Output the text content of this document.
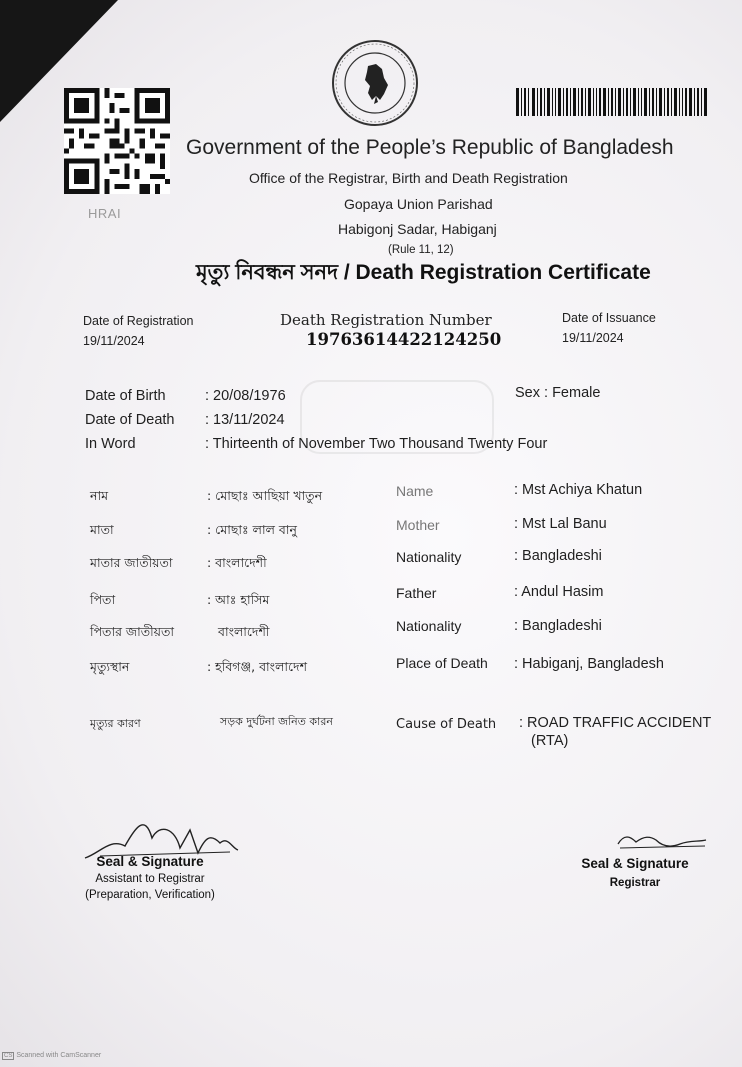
HRAI
Government of the People’s Republic of Bangladesh
Office of the Registrar, Birth and Death Registration
Gopaya Union Parishad
Habigonj Sadar, Habiganj
(Rule 11, 12)
মৃত্যু নিবন্ধন সনদ / Death Registration Certificate
Date of Registration
19/11/2024
Death Registration Number
19763614422124250
Date of Issuance
19/11/2024
Date of Birth	: 20/08/1976
Date of Death : 13/11/2024
In Word	: Thirteenth of November Two Thousand Twenty Four
Sex : Female
নাম	: মোছাঃ আছিয়া খাতুন	Name	: Mst Achiya Khatun
মাতা	: মোছাঃ লাল বানু	Mother	: Mst Lal Banu
মাতার জাতীয়তা	: বাংলাদেশী	Nationality	: Bangladeshi
পিতা	: আঃ হাসিম	Father	: Andul Hasim
পিতার জাতীয়তা	বাংলাদেশী	Nationality	: Bangladeshi
মৃত্যুস্থান	: হবিগঞ্জ, বাংলাদেশ	Place of Death : Habiganj, Bangladesh
মৃত্যুর কারণ	সড়ক দুর্ঘটনা জনিত কারন	Cause of Death : ROAD TRAFFIC ACCIDENT
(RTA)
Seal & Signature
Assistant to Registrar
(Preparation, Verification)
Seal & Signature
Registrar
CS Scanned with CamScanner
